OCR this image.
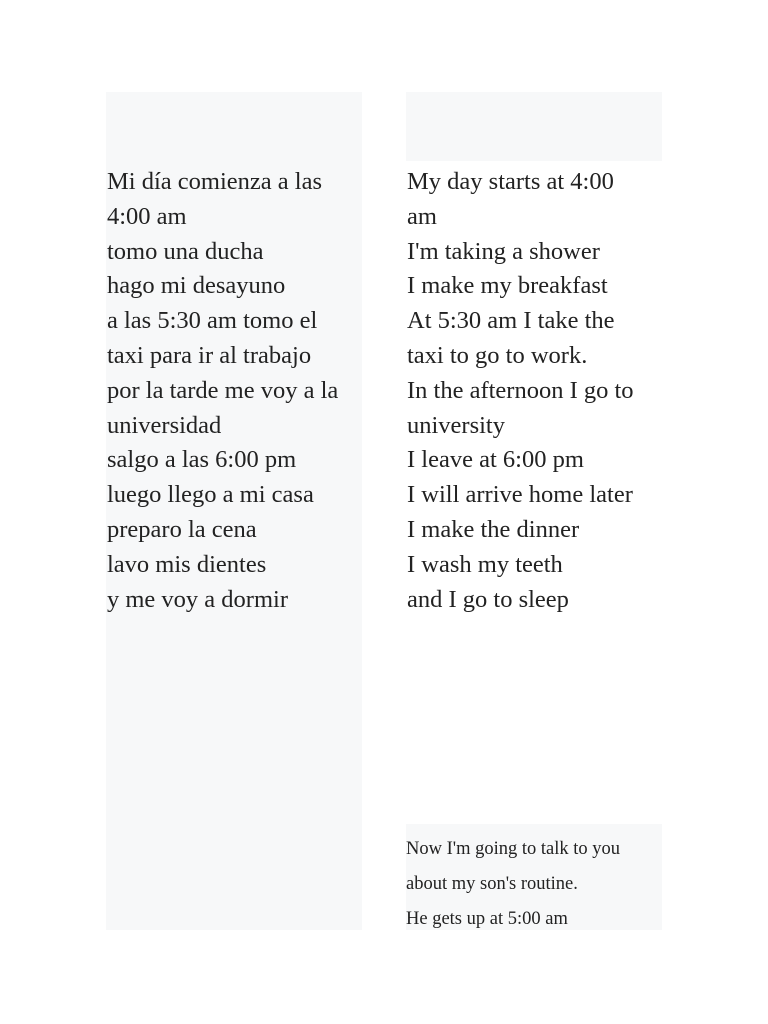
Mi día comienza a las
4:00 am
tomo una ducha
hago mi desayuno
a las 5:30 am tomo el
taxi para ir al trabajo
por la tarde me voy a la
universidad
salgo a las 6:00 pm
luego llego a mi casa
preparo la cena
lavo mis dientes
y me voy a dormir
My day starts at 4:00
am
I'm taking a shower
I make my breakfast
At 5:30 am I take the
taxi to go to work.
In the afternoon I go to
university
I leave at 6:00 pm
I will arrive home later
I make the dinner
I wash my teeth
and I go to sleep
Now I'm going to talk to you
about my son's routine.
He gets up at 5:00 am
